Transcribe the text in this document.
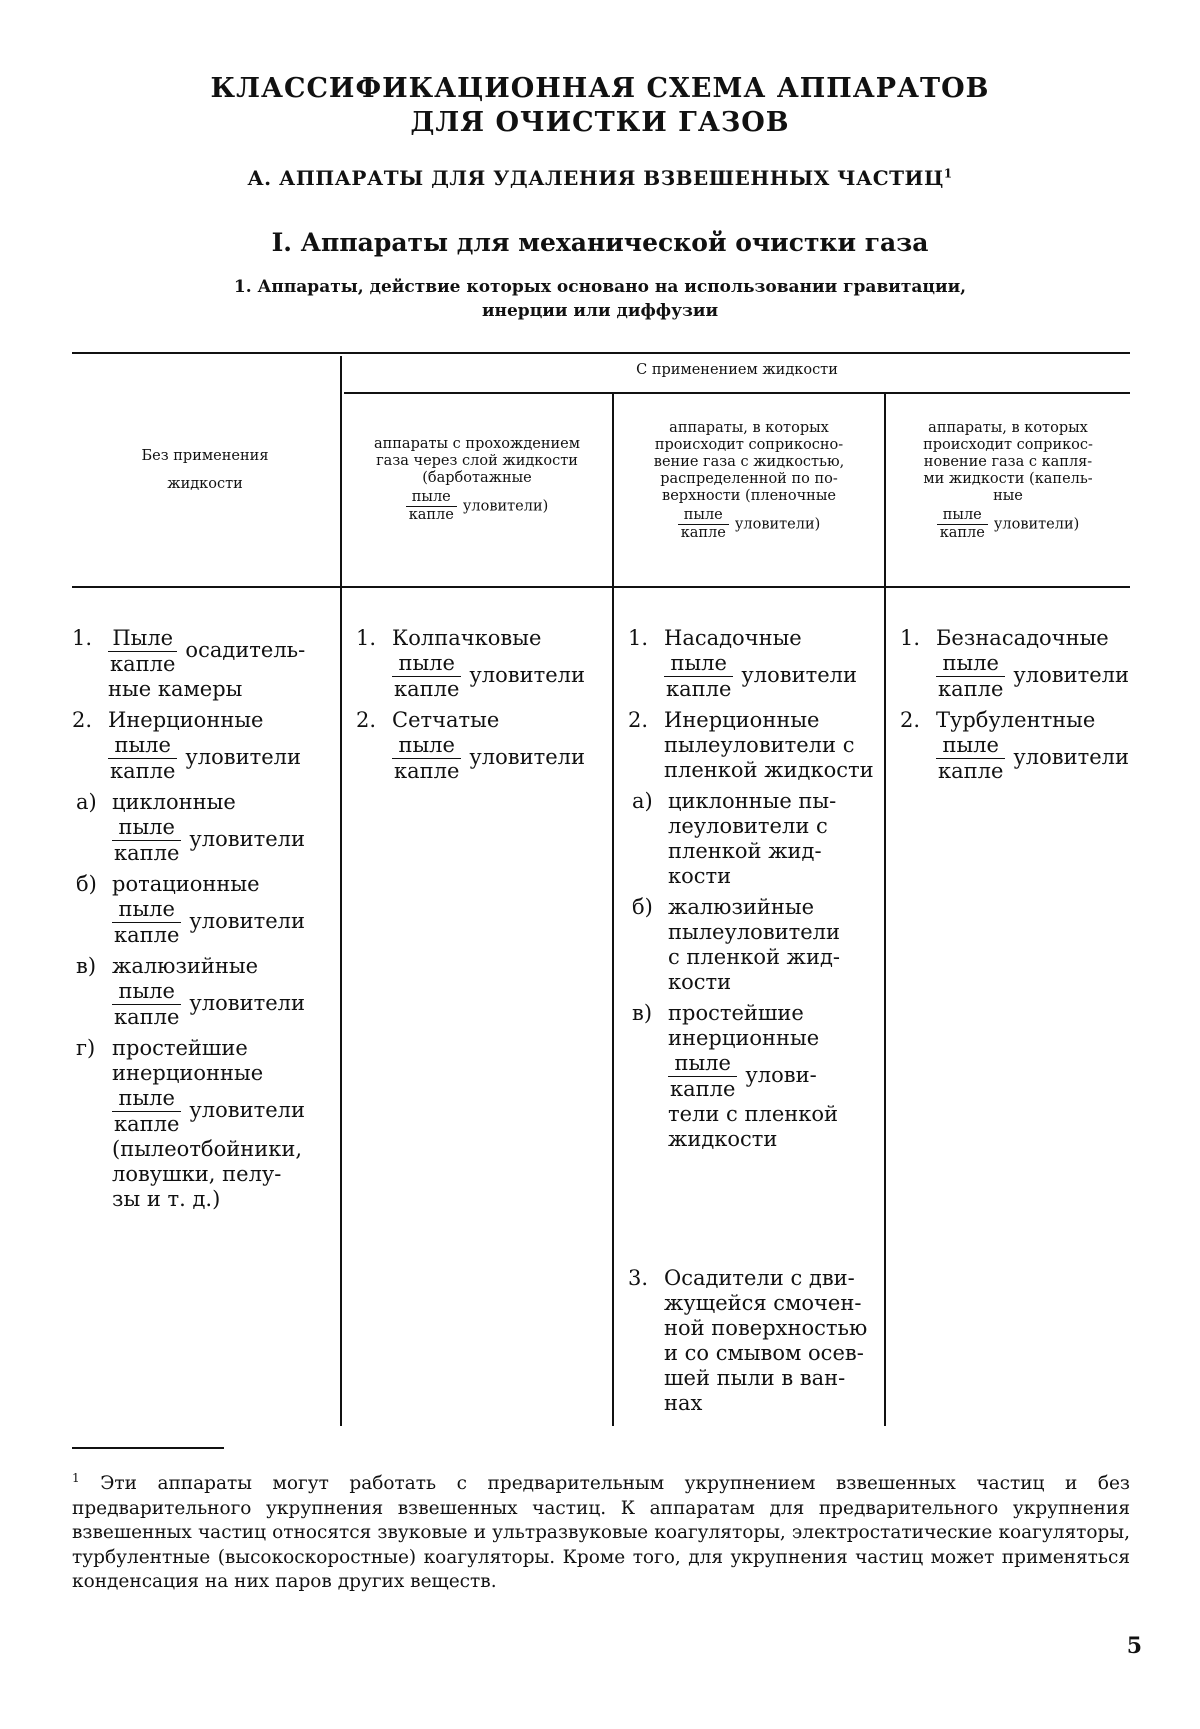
КЛАССИФИКАЦИОННАЯ СХЕМА АППАРАТОВ
ДЛЯ ОЧИСТКИ ГАЗОВ
А. АППАРАТЫ ДЛЯ УДАЛЕНИЯ ВЗВЕШЕННЫХ ЧАСТИЦ$^1$
I. Аппараты для механической очистки газа
1. Аппараты, действие которых основано на использовании гравитации,
инерции или диффузии
Без применения
жидкости
С применением жидкости
аппараты с прохождением
газа через слой жидкости
(барботажные
пыле
капле
уловители)
аппараты, в которых
происходит соприкосно-
вение газа с жидкостью,
распределенной по по-
верхности (пленочные
пыле
капле
уловители)
аппараты, в которых
происходит соприкос-
новение газа с капля-
ми жидкости (капель-
ные
пыле
капле
уловители)
1. Пыле
капле
осадитель-
ные камеры
2. Инерционные
пыле
капле
уловители
а) циклонные
пыле
капле
уловители
б) ротационные
пыле
капле
уловители
в) жалюзийные
пыле
капле
уловители
г) простейшие
инерционные
пыле
капле
уловители
(пылеотбойники,
ловушки, пелу-
зы и т. д.)
1. Колпачковые
пыле
капле
уловители
2. Сетчатые
пыле
капле
уловители
1. Насадочные
пыле
капле
уловители
2. Инерционные
пылеуловители с
пленкой жидкости
а) циклонные пы-
леуловители с
пленкой жид-
кости
б) жалюзийные
пылеуловители
с пленкой жид-
кости
в) простейшие
инерционные
пыле
капле
улови-
тели с пленкой
жидкости
3. Осадители с дви-
жущейся смочен-
ной поверхностью
и со смывом осев-
шей пыли в ван-
нах
1. Безнасадочные
пыле
капле
уловители
2. Турбулентные
пыле
капле
уловители
$^1$ Эти аппараты могут работать с предварительным укрупнением взвешенных частиц и без предварительного укрупнения взвешенных частиц. К аппаратам для предварительного укрупнения взвешенных частиц относятся звуковые и ультразвуковые коагуляторы, электростатические коагуляторы, турбулентные (высокоскоростные) коагуляторы. Кроме того, для укрупнения частиц может применяться конденсация на них паров других веществ.
5
